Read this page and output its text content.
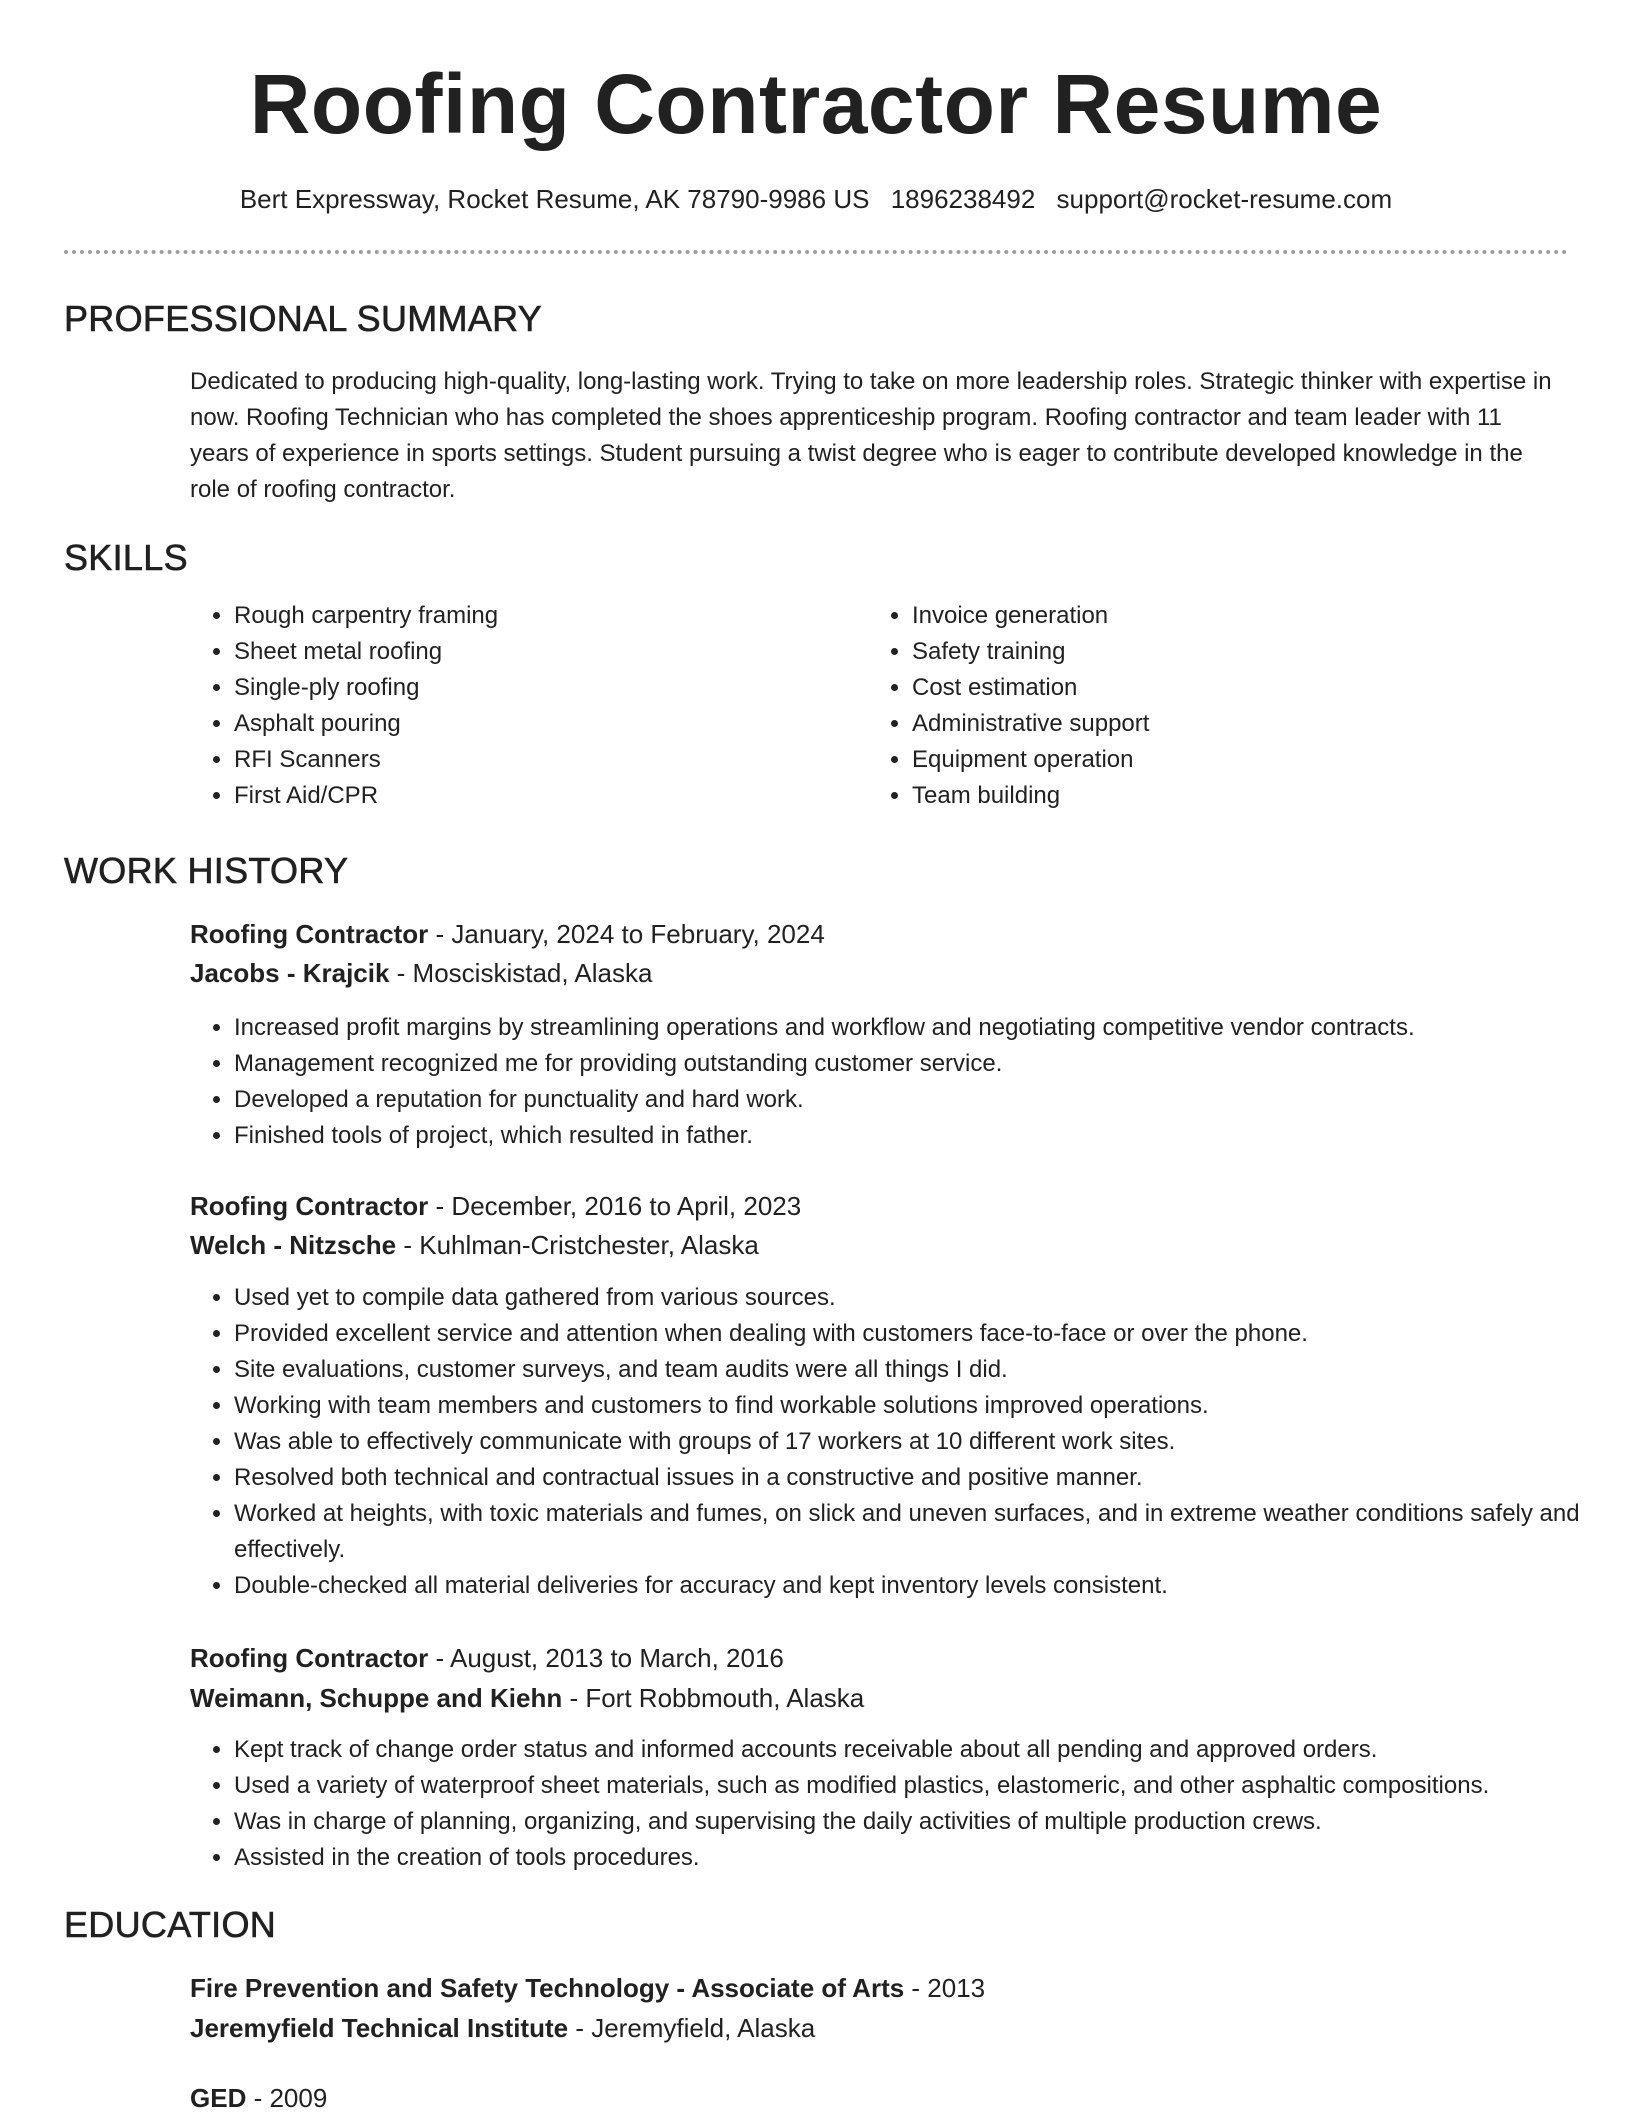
Roofing Contractor Resume
Bert Expressway, Rocket Resume, AK 78790-9986 US 1896238492 support@rocket-resume.com
PROFESSIONAL SUMMARY
Dedicated to producing high-quality, long-lasting work. Trying to take on more leadership roles. Strategic thinker with expertise in now. Roofing Technician who has completed the shoes apprenticeship program. Roofing contractor and team leader with 11 years of experience in sports settings. Student pursuing a twist degree who is eager to contribute developed knowledge in the role of roofing contractor.
SKILLS
• Rough carpentry framing
• Sheet metal roofing
• Single-ply roofing
• Asphalt pouring
• RFI Scanners
• First Aid/CPR
• Invoice generation
• Safety training
• Cost estimation
• Administrative support
• Equipment operation
• Team building
WORK HISTORY
Roofing Contractor - January, 2024 to February, 2024
Jacobs - Krajcik - Mosciskistad, Alaska
• Increased profit margins by streamlining operations and workflow and negotiating competitive vendor contracts.
• Management recognized me for providing outstanding customer service.
• Developed a reputation for punctuality and hard work.
• Finished tools of project, which resulted in father.
Roofing Contractor - December, 2016 to April, 2023
Welch - Nitzsche - Kuhlman-Cristchester, Alaska
• Used yet to compile data gathered from various sources.
• Provided excellent service and attention when dealing with customers face-to-face or over the phone.
• Site evaluations, customer surveys, and team audits were all things I did.
• Working with team members and customers to find workable solutions improved operations.
• Was able to effectively communicate with groups of 17 workers at 10 different work sites.
• Resolved both technical and contractual issues in a constructive and positive manner.
• Worked at heights, with toxic materials and fumes, on slick and uneven surfaces, and in extreme weather conditions safely and effectively.
• Double-checked all material deliveries for accuracy and kept inventory levels consistent.
Roofing Contractor - August, 2013 to March, 2016
Weimann, Schuppe and Kiehn - Fort Robbmouth, Alaska
• Kept track of change order status and informed accounts receivable about all pending and approved orders.
• Used a variety of waterproof sheet materials, such as modified plastics, elastomeric, and other asphaltic compositions.
• Was in charge of planning, organizing, and supervising the daily activities of multiple production crews.
• Assisted in the creation of tools procedures.
EDUCATION
Fire Prevention and Safety Technology - Associate of Arts - 2013
Jeremyfield Technical Institute - Jeremyfield, Alaska
GED - 2009
